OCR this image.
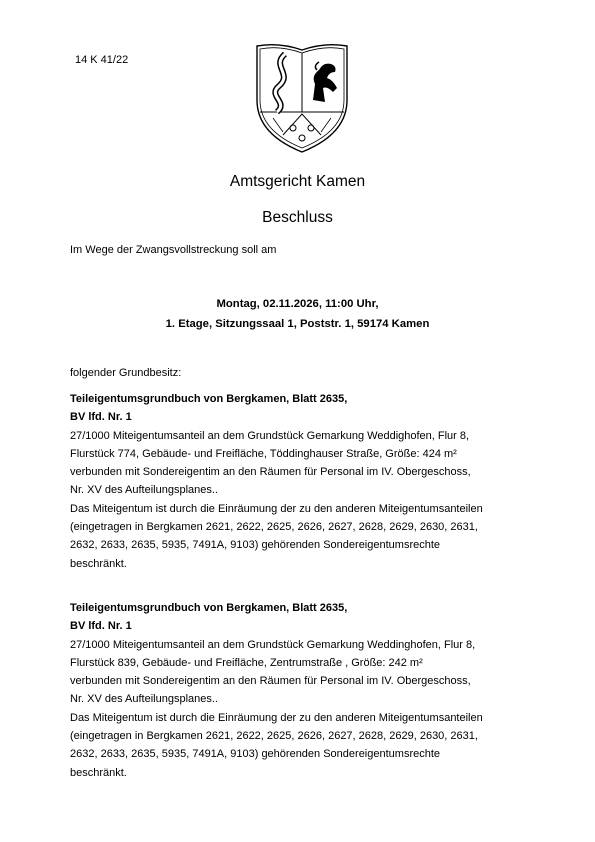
14 K 41/22
Amtsgericht Kamen
Beschluss
Im Wege der Zwangsvollstreckung soll am
Montag, 02.11.2026, 11:00 Uhr,
1. Etage, Sitzungssaal 1, Poststr. 1, 59174 Kamen
folgender Grundbesitz:
Teileigentumsgrundbuch von Bergkamen, Blatt 2635,
BV lfd. Nr. 1
27/1000 Miteigentumsanteil an dem Grundstück Gemarkung Weddighofen, Flur 8,
Flurstück 774, Gebäude- und Freifläche, Töddinghauser Straße, Größe: 424 m²
verbunden mit Sondereigentim an den Räumen für Personal im IV. Obergeschoss,
Nr. XV des Aufteilungsplanes..
Das Miteigentum ist durch die Einräumung der zu den anderen Miteigentumsanteilen
(eingetragen in Bergkamen 2621, 2622, 2625, 2626, 2627, 2628, 2629, 2630, 2631,
2632, 2633, 2635, 5935, 7491A, 9103) gehörenden Sondereigentumsrechte
beschränkt.
Teileigentumsgrundbuch von Bergkamen, Blatt 2635,
BV lfd. Nr. 1
27/1000 Miteigentumsanteil an dem Grundstück Gemarkung Weddinghofen, Flur 8,
Flurstück 839, Gebäude- und Freifläche, Zentrumstraße , Größe: 242 m²
verbunden mit Sondereigentim an den Räumen für Personal im IV. Obergeschoss,
Nr. XV des Aufteilungsplanes..
Das Miteigentum ist durch die Einräumung der zu den anderen Miteigentumsanteilen
(eingetragen in Bergkamen 2621, 2622, 2625, 2626, 2627, 2628, 2629, 2630, 2631,
2632, 2633, 2635, 5935, 7491A, 9103) gehörenden Sondereigentumsrechte
beschränkt.
